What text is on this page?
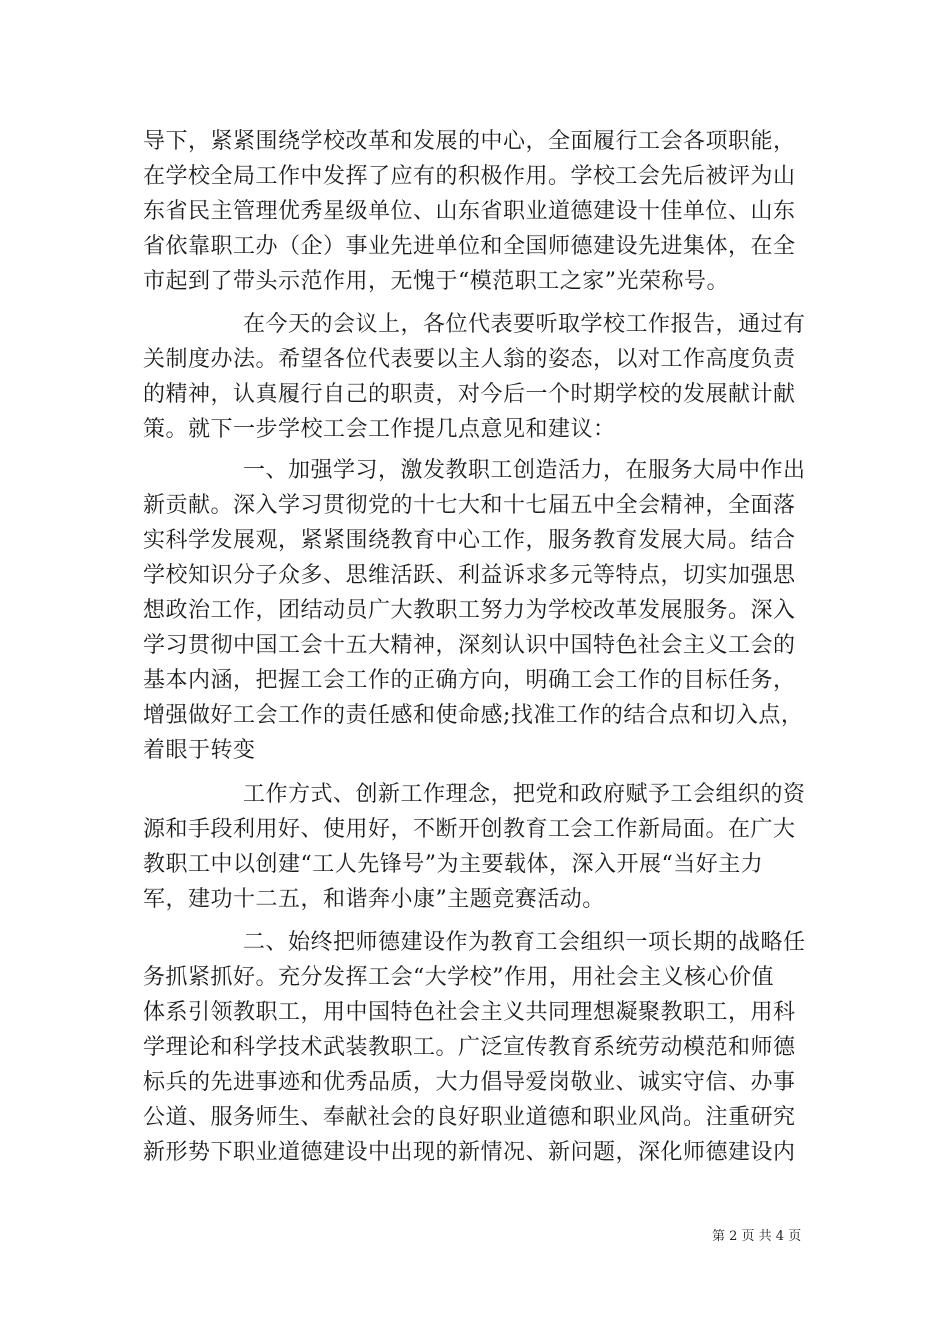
导下，紧紧围绕学校改革和发展的中心，全面履行工会各项职能，
在学校全局工作中发挥了应有的积极作用。学校工会先后被评为山
东省民主管理优秀星级单位、山东省职业道德建设十佳单位、山东
省依靠职工办（企）事业先进单位和全国师德建设先进集体，在全
市起到了带头示范作用，无愧于“模范职工之家”光荣称号。
在今天的会议上，各位代表要听取学校工作报告，通过有
关制度办法。希望各位代表要以主人翁的姿态，以对工作高度负责
的精神，认真履行自己的职责，对今后一个时期学校的发展献计献
策。就下一步学校工会工作提几点意见和建议：
一、加强学习，激发教职工创造活力，在服务大局中作出
新贡献。深入学习贯彻党的十七大和十七届五中全会精神，全面落
实科学发展观，紧紧围绕教育中心工作，服务教育发展大局。结合
学校知识分子众多、思维活跃、利益诉求多元等特点，切实加强思
想政治工作，团结动员广大教职工努力为学校改革发展服务。深入
学习贯彻中国工会十五大精神，深刻认识中国特色社会主义工会的
基本内涵，把握工会工作的正确方向，明确工会工作的目标任务，
增强做好工会工作的责任感和使命感;找准工作的结合点和切入点，
着眼于转变
工作方式、创新工作理念，把党和政府赋予工会组织的资
源和手段利用好、使用好，不断开创教育工会工作新局面。在广大
教职工中以创建“工人先锋号”为主要载体，深入开展“当好主力
军，建功十二五，和谐奔小康”主题竞赛活动。
二、始终把师德建设作为教育工会组织一项长期的战略任
务抓紧抓好。充分发挥工会“大学校”作用，用社会主义核心价值
体系引领教职工，用中国特色社会主义共同理想凝聚教职工，用科
学理论和科学技术武装教职工。广泛宣传教育系统劳动模范和师德
标兵的先进事迹和优秀品质，大力倡导爱岗敬业、诚实守信、办事
公道、服务师生、奉献社会的良好职业道德和职业风尚。注重研究
新形势下职业道德建设中出现的新情况、新问题，深化师德建设内
第 2 页 共 4 页
